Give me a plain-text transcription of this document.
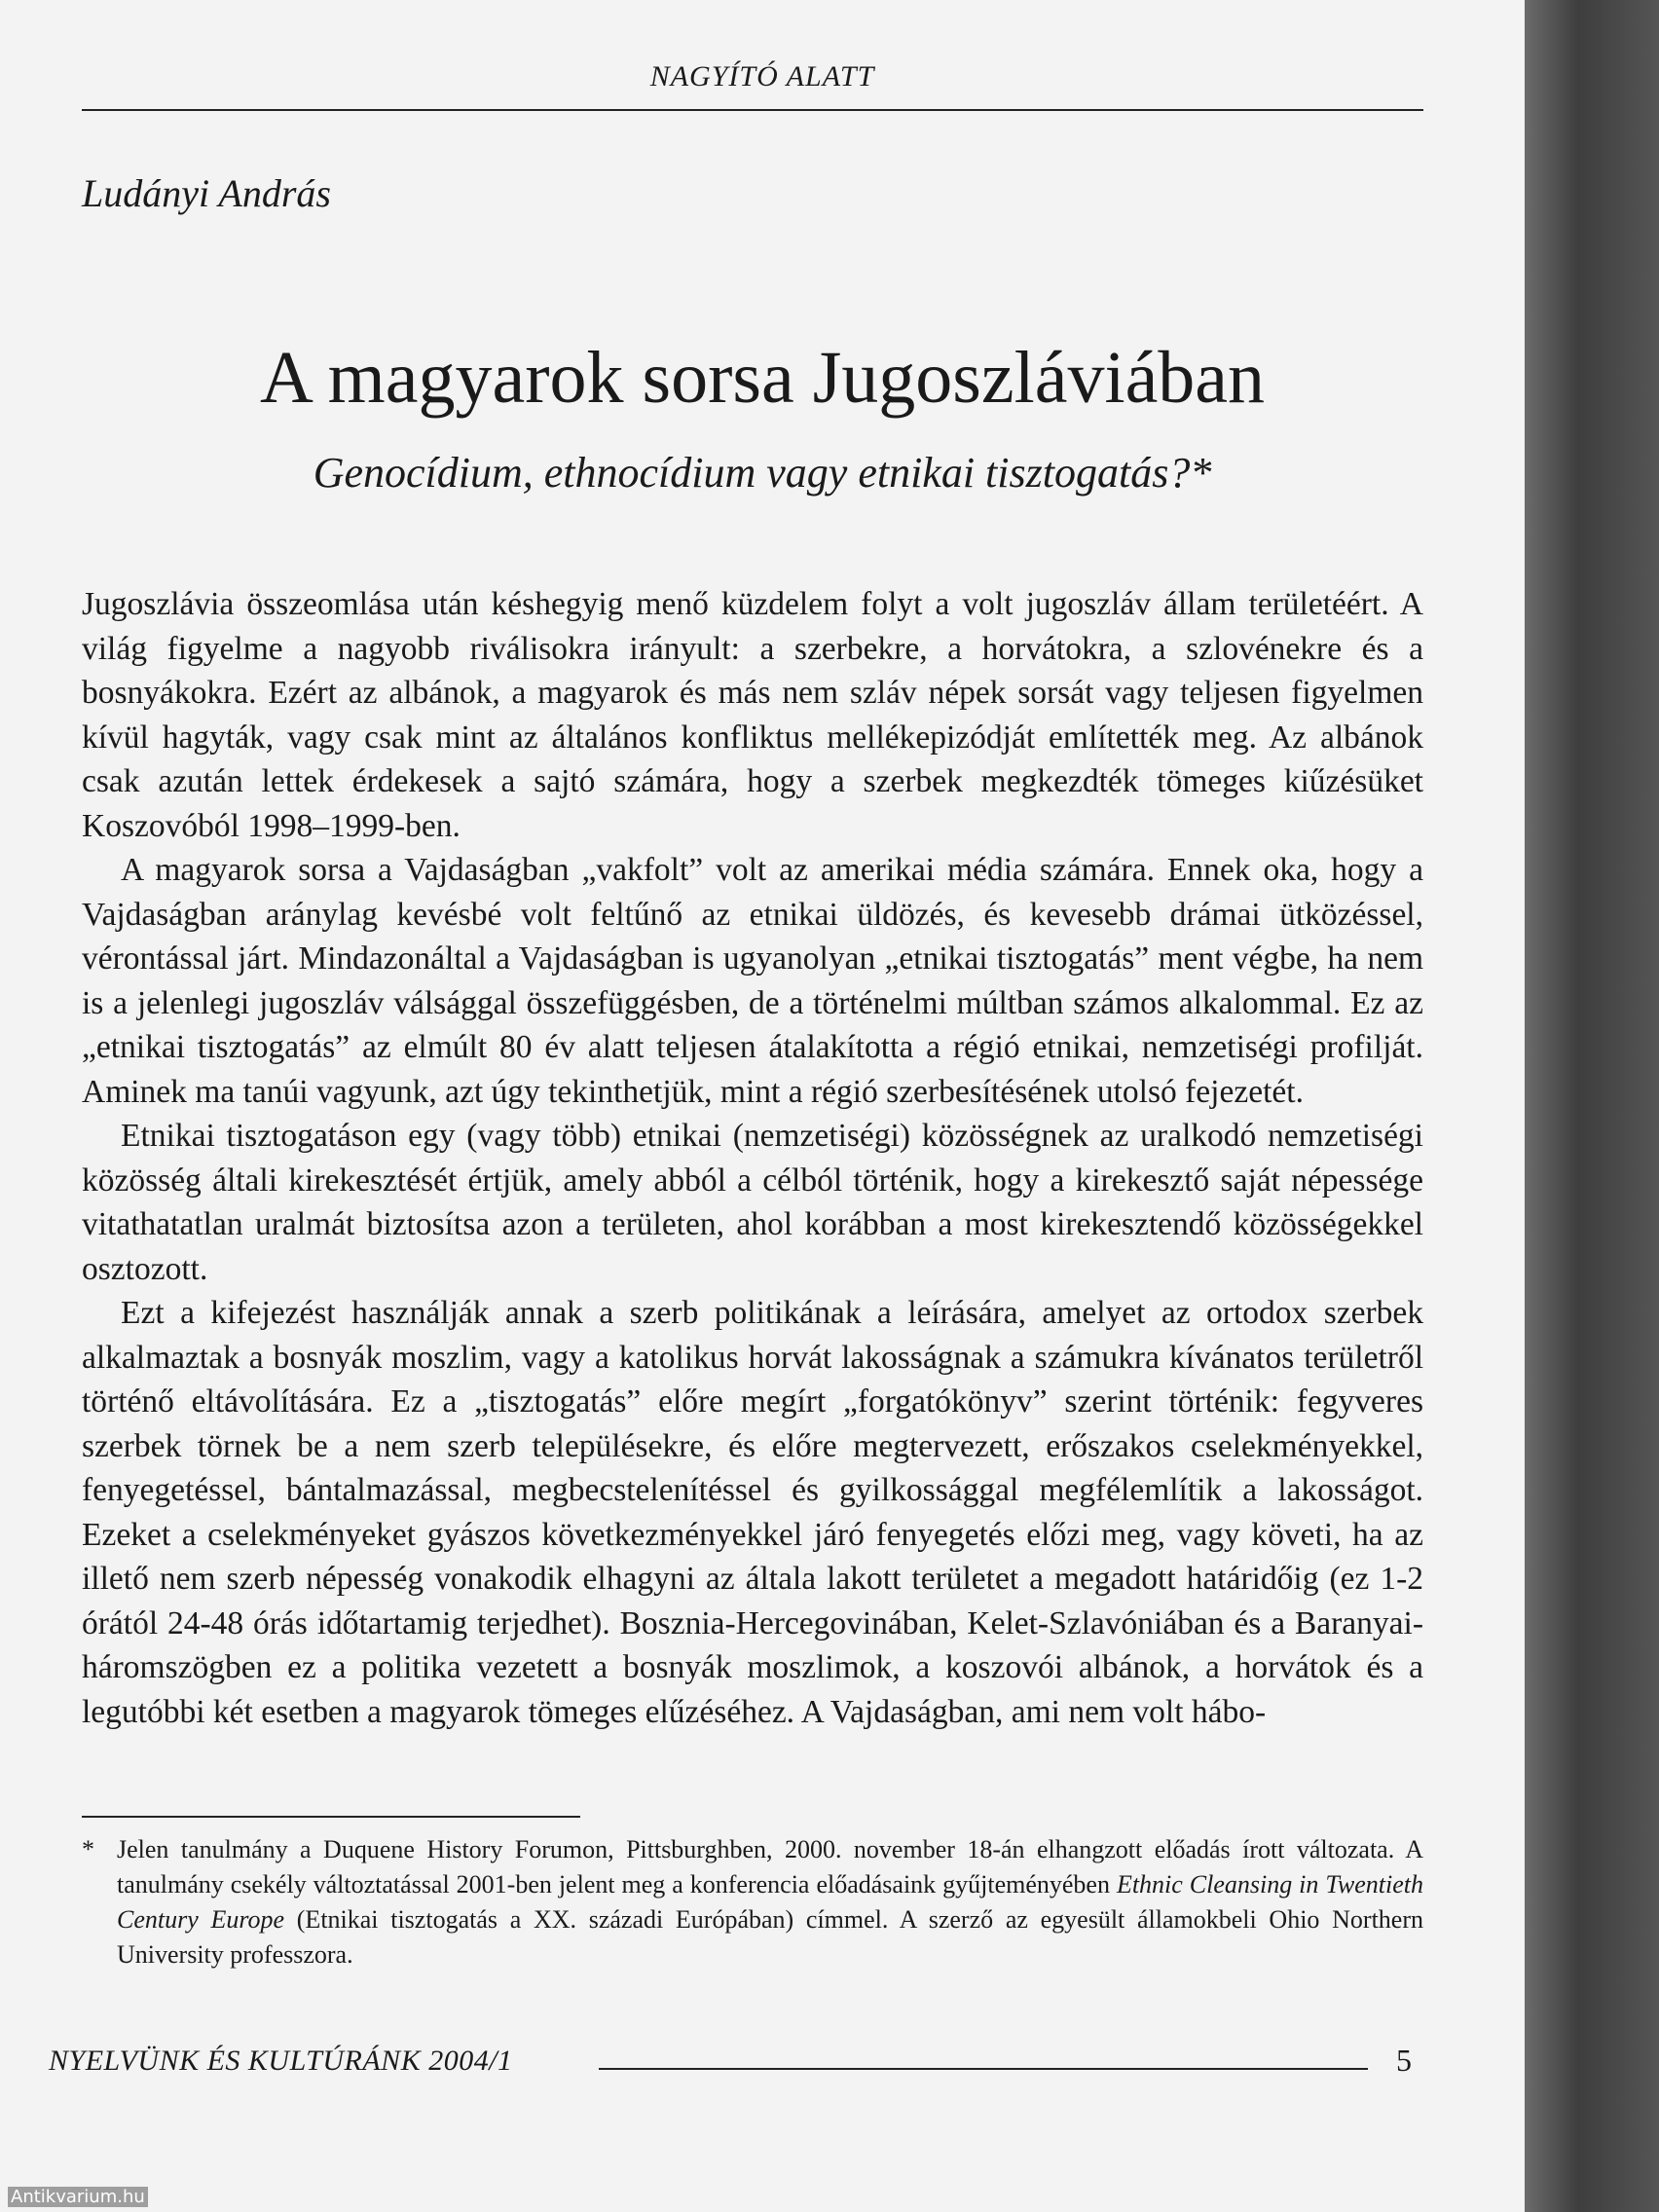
NAGYÍTÓ ALATT
Ludányi András
A magyarok sorsa Jugoszláviában
Genocídium, ethnocídium vagy etnikai tisztogatás?*

Jugoszlávia összeomlása után késhegyig menő küzdelem folyt a volt jugoszláv állam területéért. A világ figyelme a nagyobb riválisokra irányult: a szerbekre, a horvátokra, a szlovénekre és a bosnyákokra. Ezért az albánok, a magyarok és más nem szláv népek sorsát vagy teljesen figyelmen kívül hagyták, vagy csak mint az általános konfliktus mellékepizódját említették meg. Az albánok csak azután lettek érdekesek a sajtó számára, hogy a szerbek megkezdték tömeges kiűzésüket Koszovóból 1998–1999-ben.

A magyarok sorsa a Vajdaságban „vakfolt” volt az amerikai média számára. Ennek oka, hogy a Vajdaságban aránylag kevésbé volt feltűnő az etnikai üldözés, és kevesebb drámai ütközéssel, vérontással járt. Mindazonáltal a Vajdaságban is ugyanolyan „etnikai tisztogatás” ment végbe, ha nem is a jelenlegi jugoszláv válsággal összefüggésben, de a történelmi múltban számos alkalommal. Ez az „etnikai tisztogatás” az elmúlt 80 év alatt teljesen átalakította a régió etnikai, nemzetiségi profilját. Aminek ma tanúi vagyunk, azt úgy tekinthetjük, mint a régió szerbesítésének utolsó fejezetét.

Etnikai tisztogatáson egy (vagy több) etnikai (nemzetiségi) közösségnek az uralkodó nemzetiségi közösség általi kirekesztését értjük, amely abból a célból történik, hogy a kirekesztő saját népessége vitathatatlan uralmát biztosítsa azon a területen, ahol korábban a most kirekesztendő közösségekkel osztozott.

Ezt a kifejezést használják annak a szerb politikának a leírására, amelyet az ortodox szerbek alkalmaztak a bosnyák moszlim, vagy a katolikus horvát lakosságnak a számukra kívánatos területről történő eltávolítására. Ez a „tisztogatás” előre megírt „forgatókönyv” szerint történik: fegyveres szerbek törnek be a nem szerb településekre, és előre megtervezett, erőszakos cselekményekkel, fenyegetéssel, bántalmazással, megbecstelenítéssel és gyilkossággal megfélemlítik a lakosságot. Ezeket a cselekményeket gyászos következményekkel járó fenyegetés előzi meg, vagy követi, ha az illető nem szerb népesség vonakodik elhagyni az általa lakott területet a megadott határidőig (ez 1-2 órától 24-48 órás időtartamig terjedhet). Bosznia-Hercegovinában, Kelet-Szlavóniában és a Baranyai-háromszögben ez a politika vezetett a bosnyák moszlimok, a koszovói albánok, a horvátok és a legutóbbi két esetben a magyarok tömeges elűzéséhez. A Vajdaságban, ami nem volt hábo-

* Jelen tanulmány a Duquene History Forumon, Pittsburghben, 2000. november 18-án elhangzott előadás írott változata. A tanulmány csekély változtatással 2001-ben jelent meg a konferencia előadásaink gyűjteményében Ethnic Cleansing in Twentieth Century Europe (Etnikai tisztogatás a XX. századi Európában) címmel. A szerző az egyesült államokbeli Ohio Northern University professzora.
NYELVÜNK ÉS KULTÚRÁNK 2004/1	5
Antikvarium.hu
